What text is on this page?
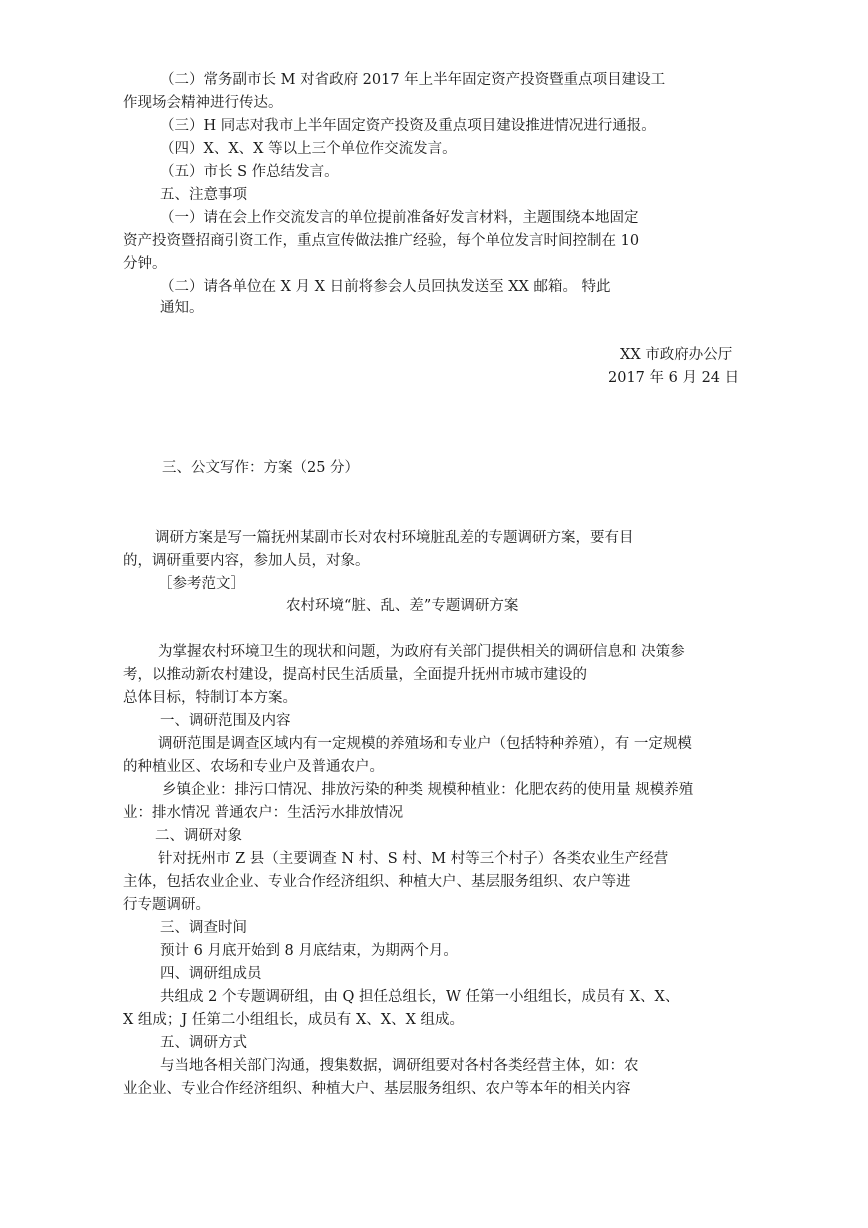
（二）常务副市长 M 对省政府 2017 年上半年固定资产投资暨重点项目建设工
作现场会精神进行传达。
（三）H 同志对我市上半年固定资产投资及重点项目建设推进情况进行通报。
（四）X、X、X 等以上三个单位作交流发言。
（五）市长 S 作总结发言。
五、注意事项
（一）请在会上作交流发言的单位提前准备好发言材料，主题围绕本地固定
资产投资暨招商引资工作，重点宣传做法推广经验，每个单位发言时间控制在 10
分钟。
（二）请各单位在 X 月 X 日前将参会人员回执发送至 XX 邮箱。 特此
通知。
XX 市政府办公厅
2017 年 6 月 24 日
三、公文写作：方案（25 分）
调研方案是写一篇抚州某副市长对农村环境脏乱差的专题调研方案，要有目
的，调研重要内容，参加人员，对象。
［参考范文］
农村环境“脏、乱、差”专题调研方案
为掌握农村环境卫生的现状和问题，为政府有关部门提供相关的调研信息和 决策参
考，以推动新农村建设，提高村民生活质量，全面提升抚州市城市建设的
总体目标，特制订本方案。
一、调研范围及内容
调研范围是调查区域内有一定规模的养殖场和专业户（包括特种养殖），有 一定规模
的种植业区、农场和专业户及普通农户。
乡镇企业：排污口情况、排放污染的种类 规模种植业：化肥农药的使用量 规模养殖
业：排水情况 普通农户：生活污水排放情况
二、调研对象
针对抚州市 Z 县（主要调查 N 村、S 村、M 村等三个村子）各类农业生产经营
主体，包括农业企业、专业合作经济组织、种植大户、基层服务组织、农户等进
行专题调研。
三、调查时间
预计 6 月底开始到 8 月底结束，为期两个月。
四、调研组成员
共组成 2 个专题调研组，由 Q 担任总组长，W 任第一小组组长，成员有 X、X、
X 组成；J 任第二小组组长，成员有 X、X、X 组成。
五、调研方式
与当地各相关部门沟通，搜集数据，调研组要对各村各类经营主体，如：农
业企业、专业合作经济组织、种植大户、基层服务组织、农户等本年的相关内容
